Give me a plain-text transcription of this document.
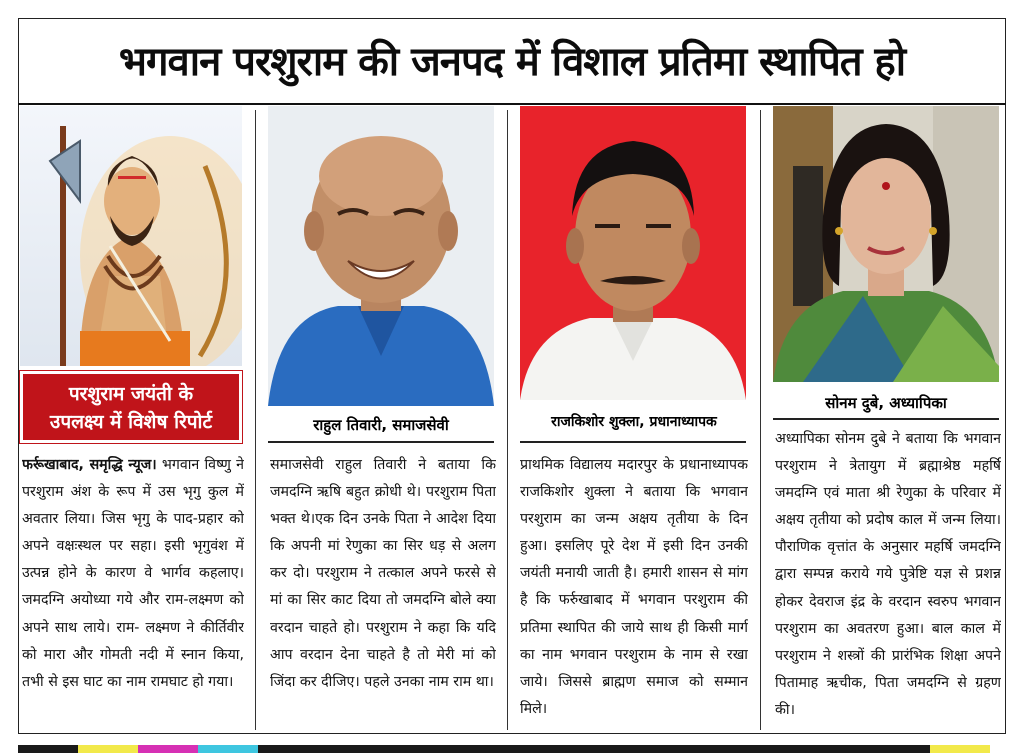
भगवान परशुराम की जनपद में विशाल प्रतिमा स्थापित हो
परशुराम जयंती के
उपलक्ष्य में विशेष रिपोर्ट	राहुल तिवारी, समाजसेवी	राजकिशोर शुक्ला, प्रधानाध्यापक
सोनम दुबे, अध्यापिका

फर्रूखाबाद, समृद्धि न्यूज। भगवान विष्णु ने परशुराम अंश के रूप में उस भृगु कुल में अवतार लिया। जिस भृगु के पाद-प्रहार को अपने वक्षःस्थल पर सहा। इसी भृगुवंश में उत्पन्न होने के कारण वे भार्गव कहलाए। जमदग्नि अयोध्या गये और राम-लक्ष्मण को अपने साथ लाये। राम- लक्ष्मण ने कीर्तिवीर को मारा और गोमती नदी में स्नान किया, तभी से इस घाट का नाम रामघाट हो गया।

समाजसेवी राहुल तिवारी ने बताया कि जमदग्नि ऋषि बहुत क्रोधी थे। परशुराम पिता भक्त थे।एक दिन उनके पिता ने आदेश दिया कि अपनी मां रेणुका का सिर धड़ से अलग कर दो। परशुराम ने तत्काल अपने फरसे से मां का सिर काट दिया तो जमदग्नि बोले क्या वरदान चाहते हो। परशुराम ने कहा कि यदि आप वरदान देना चाहते है तो मेरी मां को जिंदा कर दीजिए। पहले उनका नाम राम था।

प्राथमिक विद्यालय मदारपुर के प्रधानाध्यापक राजकिशोर शुक्ला ने बताया कि भगवान परशुराम का जन्म अक्षय तृतीया के दिन हुआ। इसलिए पूरे देश में इसी दिन उनकी जयंती मनायी जाती है। हमारी शासन से मांग है कि फर्रुखाबाद में भगवान परशुराम की प्रतिमा स्थापित की जाये साथ ही किसी मार्ग का नाम भगवान परशुराम के नाम से रखा जाये। जिससे ब्राह्मण समाज को सम्मान मिले।

अध्यापिका सोनम दुबे ने बताया कि भगवान परशुराम ने त्रेतायुग में ब्रह्माश्रेष्ठ महर्षि जमदग्नि एवं माता श्री रेणुका के परिवार में अक्षय तृतीया को प्रदोष काल में जन्म लिया। पौराणिक वृत्तांत के अनुसार महर्षि जमदग्नि द्वारा सम्पन्न कराये गये पुत्रेष्टि यज्ञ से प्रशन्न होकर देवराज इंद्र के वरदान स्वरुप भगवान परशुराम का अवतरण हुआ। बाल काल में परशुराम ने शस्त्रों की प्रारंभिक शिक्षा अपने पितामाह ऋचीक, पिता जमदग्नि से ग्रहण की।
